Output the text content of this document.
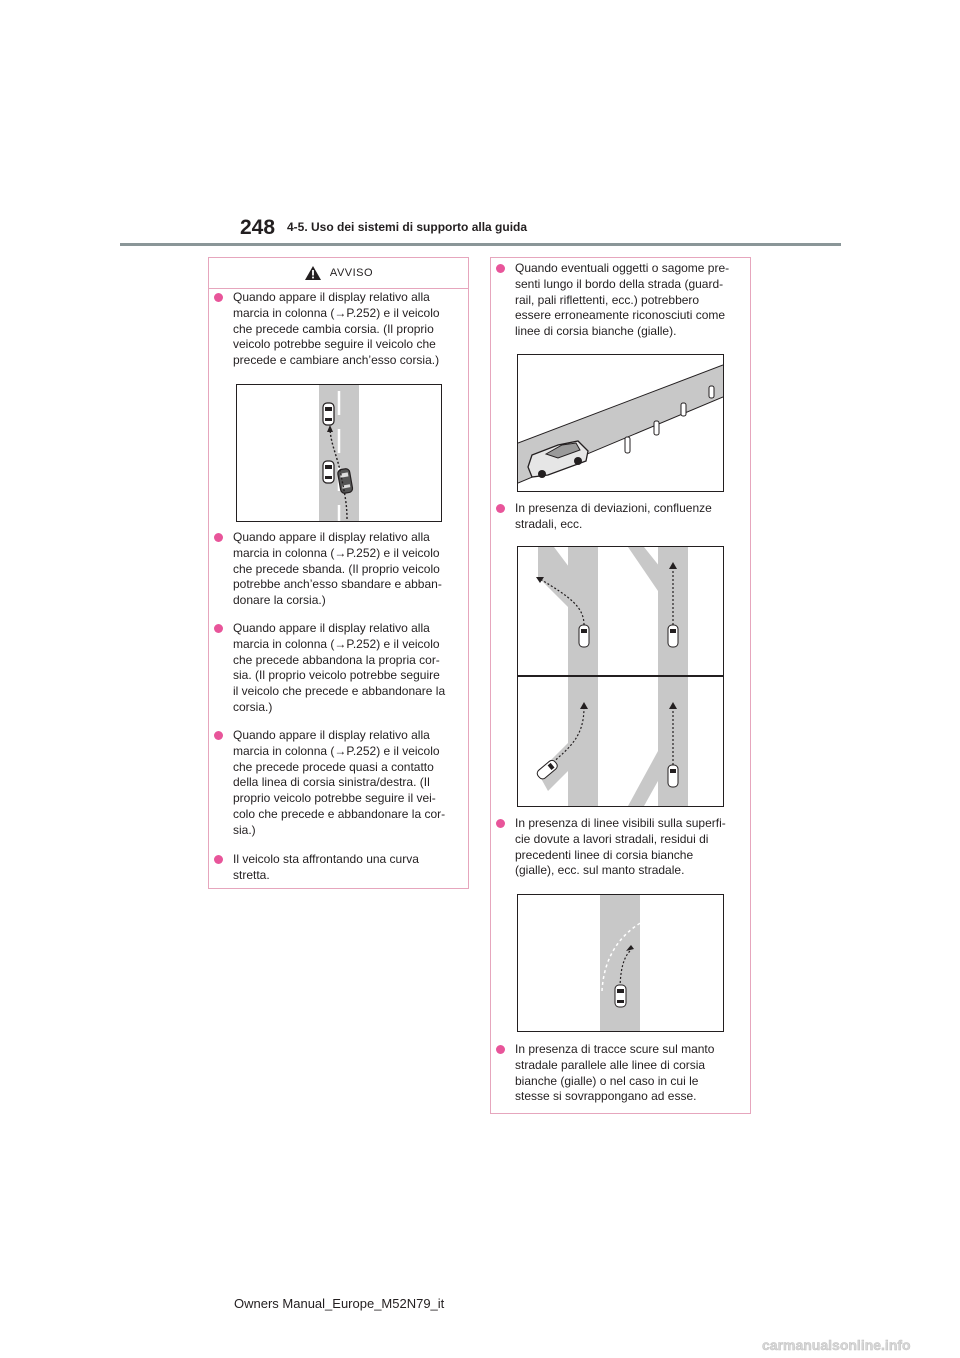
248 4-5. Uso dei sistemi di supporto alla guida
AVVISO
Quando appare il display relativo alla
marcia in colonna (→P.252) e il veicolo
che precede cambia corsia. (Il proprio
veicolo potrebbe seguire il veicolo che
precede e cambiare anch’esso corsia.)
Quando appare il display relativo alla
marcia in colonna (→P.252) e il veicolo
che precede sbanda. (Il proprio veicolo
potrebbe anch’esso sbandare e abban-
donare la corsia.)
Quando appare il display relativo alla
marcia in colonna (→P.252) e il veicolo
che precede abbandona la propria cor-
sia. (Il proprio veicolo potrebbe seguire
il veicolo che precede e abbandonare la
corsia.)
Quando appare il display relativo alla
marcia in colonna (→P.252) e il veicolo
che precede procede quasi a contatto
della linea di corsia sinistra/destra. (Il
proprio veicolo potrebbe seguire il vei-
colo che precede e abbandonare la cor-
sia.)
Il veicolo sta affrontando una curva
stretta.
Quando eventuali oggetti o sagome pre-
senti lungo il bordo della strada (guard-
rail, pali riflettenti, ecc.) potrebbero
essere erroneamente riconosciuti come
linee di corsia bianche (gialle).
In presenza di deviazioni, confluenze
stradali, ecc.
In presenza di linee visibili sulla superfi-
cie dovute a lavori stradali, residui di
precedenti linee di corsia bianche
(gialle), ecc. sul manto stradale.
In presenza di tracce scure sul manto
stradale parallele alle linee di corsia
bianche (gialle) o nel caso in cui le
stesse si sovrappongano ad esse.
Owners Manual_Europe_M52N79_it
carmanualsonline.info
